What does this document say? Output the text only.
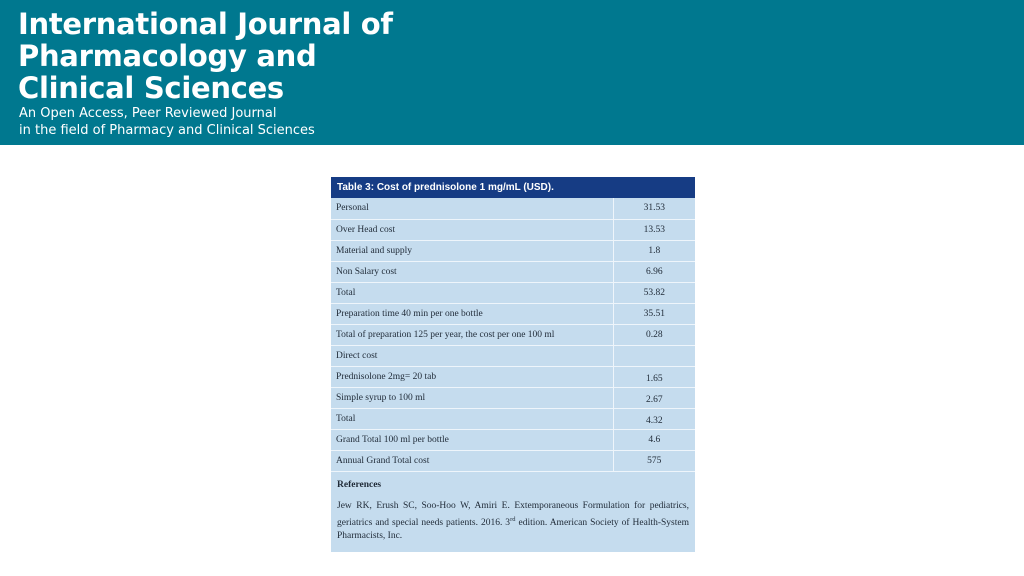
International Journal of
Pharmacology and
Clinical Sciences
An Open Access, Peer Reviewed Journal
in the field of Pharmacy and Clinical Sciences
Table 3: Cost of prednisolone 1 mg/mL (USD).
Personal	31.53
Over Head cost	13.53
Material and supply	1.8
Non Salary cost	6.96
Total	53.82
Preparation time 40 min per one bottle	35.51
Total of preparation 125 per year, the cost per one 100 ml	0.28
Direct cost	
Prednisolone 2mg= 20 tab	1.65
Simple syrup to 100 ml	2.67
Total	4.32
Grand Total 100 ml per bottle	4.6
Annual Grand Total cost	575
References
Jew RK, Erush SC, Soo-Hoo W, Amiri E. Extemporaneous Formulation for pediatrics, geriatrics and special needs patients. 2016. 3rd edition. American Society of Health-System Pharmacists, Inc.
